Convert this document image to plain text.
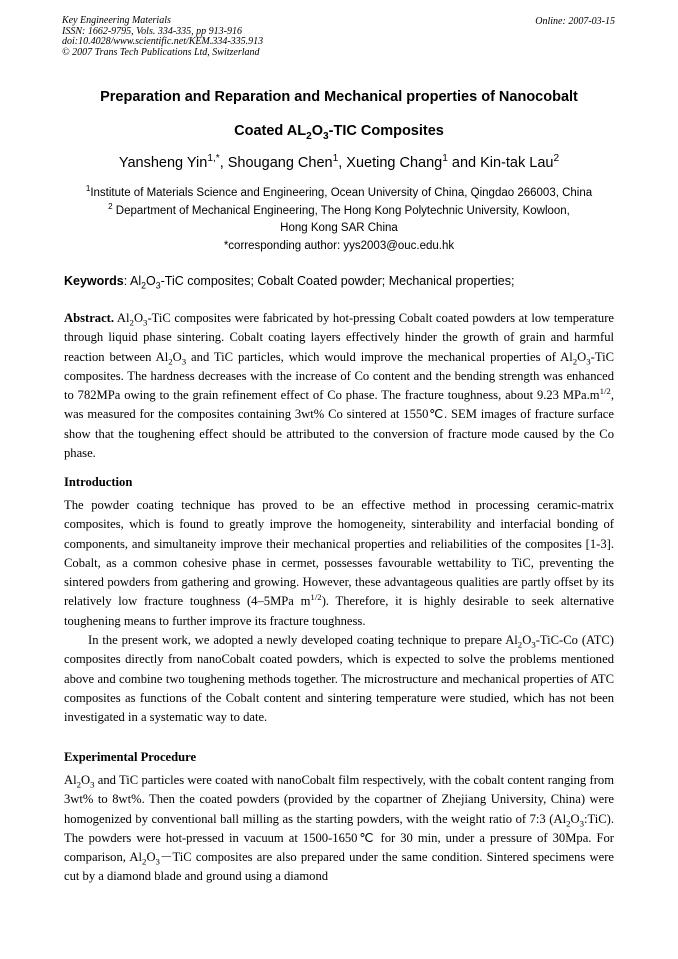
Key Engineering Materials
ISSN: 1662-9795, Vols. 334-335, pp 913-916
doi:10.4028/www.scientific.net/KEM.334-335.913
© 2007 Trans Tech Publications Ltd, Switzerland
Online: 2007-03-15
Preparation and Reparation and Mechanical properties of Nanocobalt
Coated $AL_2O_3$-TIC Composites
Yansheng Yin$^{1,*}$, Shougang Chen$^1$, Xueting Chang$^1$ and Kin-tak Lau$^2$
$^1$Institute of Materials Science and Engineering, Ocean University of China, Qingdao 266003, China
$^2$ Department of Mechanical Engineering, The Hong Kong Polytechnic University, Kowloon,
Hong Kong SAR China
*corresponding author: yys2003@ouc.edu.hk
Keywords: $Al_2O_3$-TiC composites; Cobalt Coated powder; Mechanical properties;

Abstract. $Al_2O_3$-TiC composites were fabricated by hot-pressing Cobalt coated powders at low temperature through liquid phase sintering. Cobalt coating layers effectively hinder the growth of grain and harmful reaction between $Al_2O_3$ and TiC particles, which would improve the mechanical properties of $Al_2O_3$-TiC composites. The hardness decreases with the increase of Co content and the bending strength was enhanced to 782MPa owing to the grain refinement effect of Co phase. The fracture toughness, about 9.23 $MPa.m^{1/2}$, was measured for the composites containing 3wt% Co sintered at 1550℃. SEM images of fracture surface show that the toughening effect should be attributed to the conversion of fracture mode caused by the Co phase.

Introduction

The powder coating technique has proved to be an effective method in processing ceramic-matrix composites, which is found to greatly improve the homogeneity, sinterability and interfacial bonding of components, and simultaneity improve their mechanical properties and reliabilities of the composites [1-3]. Cobalt, as a common cohesive phase in cermet, possesses favourable wettability to TiC, preventing the sintered powders from gathering and growing. However, these advantageous qualities are partly offset by its relatively low fracture toughness (4–5MPa $m^{1/2}$). Therefore, it is highly desirable to seek alternative toughening means to further improve its fracture toughness.

In the present work, we adopted a newly developed coating technique to prepare $Al_2O_3-TiC-Co$ (ATC) composites directly from nanoCobalt coated powders, which is expected to solve the problems mentioned above and combine two toughening methods together. The microstructure and mechanical properties of ATC composites as functions of the Cobalt content and sintering temperature were studied, which has not been investigated in a systematic way to date.

Experimental Procedure

$Al_2O_3$ and TiC particles were coated with nanoCobalt film respectively, with the cobalt content ranging from 3wt% to 8wt%. Then the coated powders (provided by the copartner of Zhejiang University, China) were homogenized by conventional ball milling as the starting powders, with the weight ratio of 7:3 $(Al_2O_3:TiC)$. The powders were hot-pressed in vacuum at 1500-1650℃ for 30 min, under a pressure of 30Mpa. For comparison, $Al_2O_3-TiC$ composites are also prepared under the same condition. Sintered specimens were cut by a diamond blade and ground using a diamond
